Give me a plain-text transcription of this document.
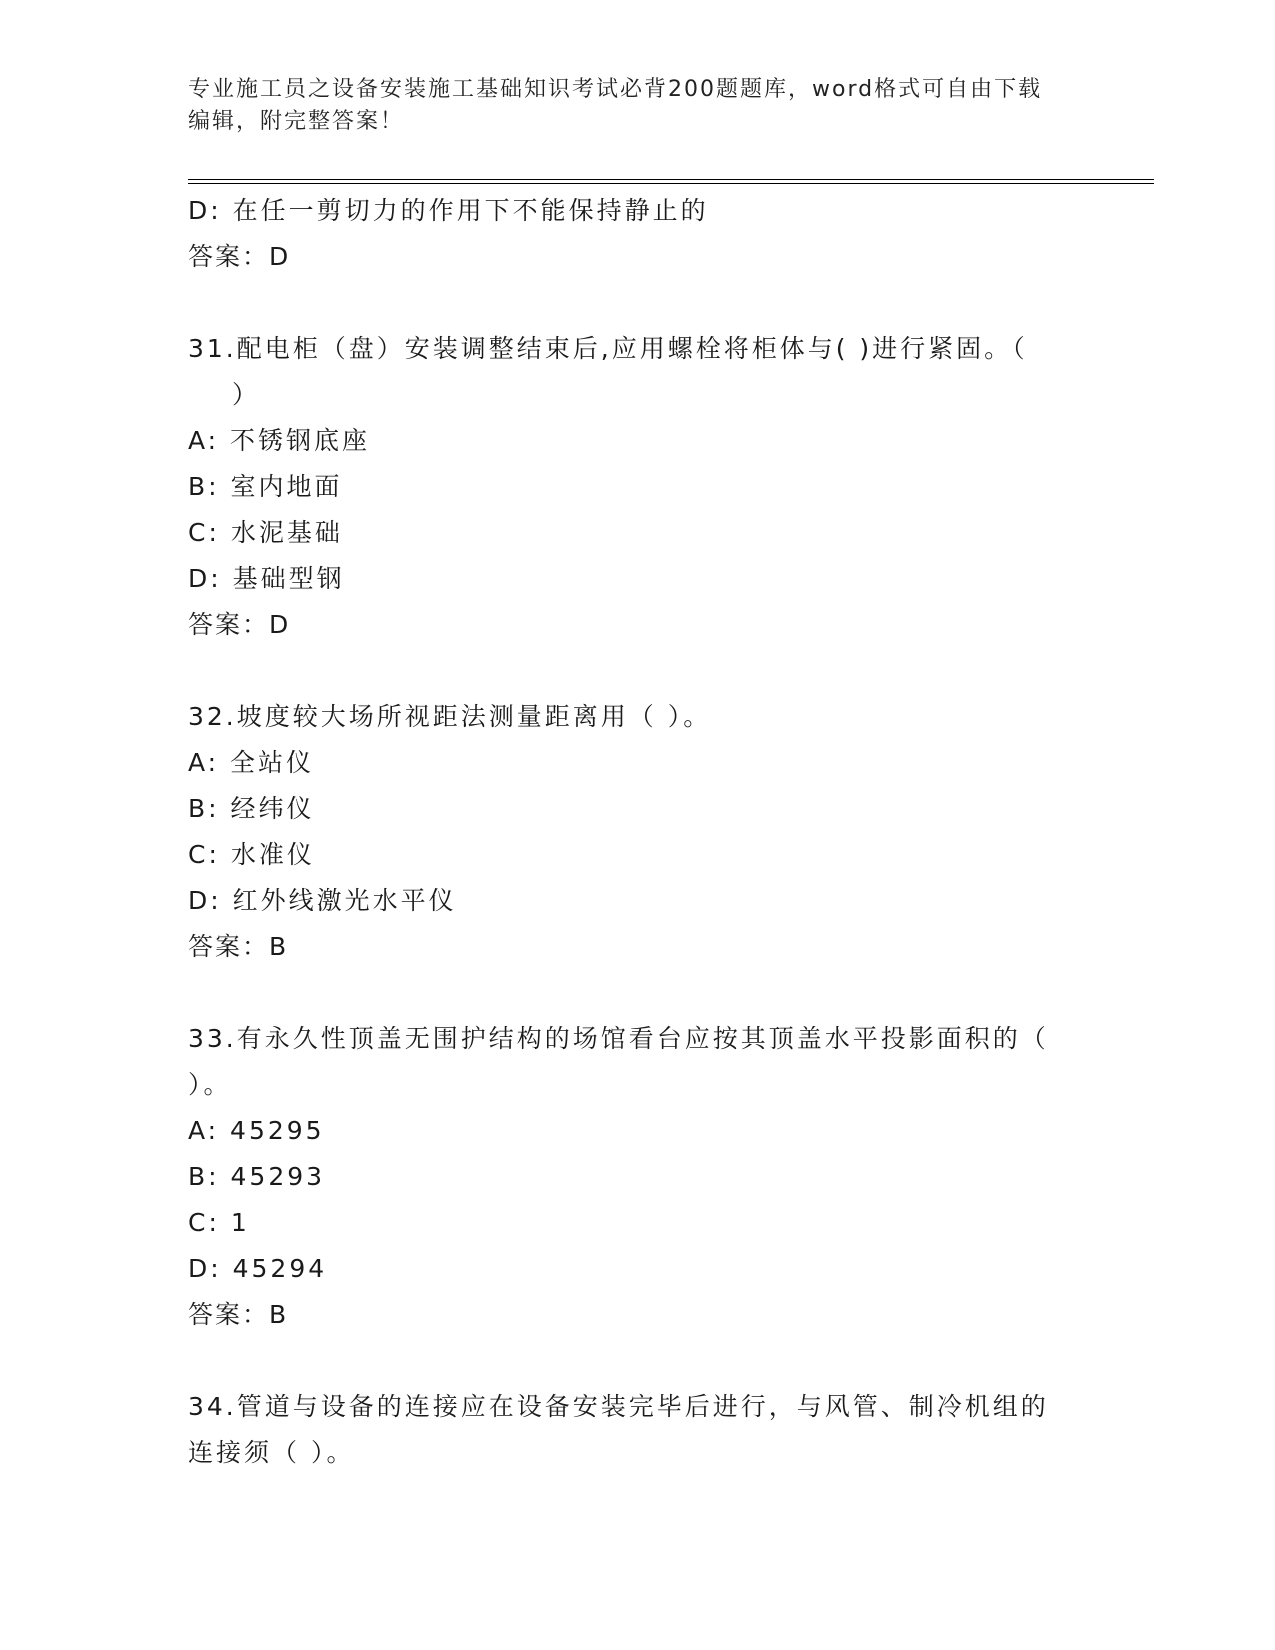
专业施工员之设备安装施工基础知识考试必背200题题库，word格式可自由下载
编辑，附完整答案！
D: 在任一剪切力的作用下不能保持静止的
答案：D
31.配电柜（盘）安装调整结束后,应用螺栓将柜体与( )进行紧固。（
）
A: 不锈钢底座
B: 室内地面
C: 水泥基础
D: 基础型钢
答案：D
32.坡度较大场所视距法测量距离用（ ）。
A: 全站仪
B: 经纬仪
C: 水准仪
D: 红外线激光水平仪
答案：B
33.有永久性顶盖无围护结构的场馆看台应按其顶盖水平投影面积的（
）。
A: 45295
B: 45293
C: 1
D: 45294
答案：B
34.管道与设备的连接应在设备安装完毕后进行，与风管、制冷机组的
连接须（ ）。
